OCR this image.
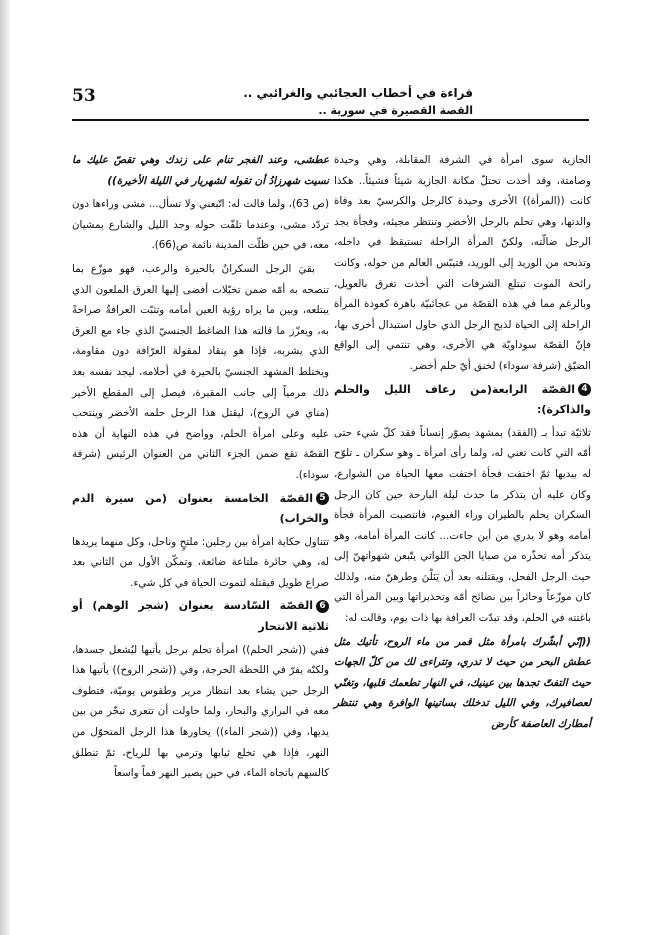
قراءة في أخطاب العجائبي والغرائبي ..
القصة القصيرة في سورية ..
53

الجازية سوى امرأة في الشرفة المقابلة، وهي وحيدة وصامتة، وقد أخذت تحتلّ مكانة الجازية شيئاً فشيئاً.. هكذا كانت ((المرأة)) الأخرى وحيدة كالرجل والكرسيّ بعد وفاة والدتها، وهي تحلم بالرجل الأخضر وتنتظر مجيئه، وفجأة يجد الرجل ضالّته، ولكنّ المرأة الراحلة تستيقظ في داخله، وتذبحه من الوريد إلى الوريد، فتيبّس العالم من حوله، وكانت رائحة الموت تبتلع الشرفات التي أخذت تغرق بالعويل، وبالرغم مما في هذه القصّة من عجائبيّة باهرة كعودة المرأة الراحلة إلى الحياة لذبح الرجل الذي حاول استبدال أخرى بها، فإنّ القصّة سوداويّة هي الأخرى، وهي تنتمي إلى الواقع الضيّق (شرفة سوداء) لخنق أيّ حلم أخضر.

4القصّة الرابعة(من رعاف الليل والحلم والذاكرة):

ثلاثيّة تبدأ بـ (الفقد) بمشهد يصوّر إنساناً فقد كلّ شيء حتى أمّه التي كانت تغني له، ولما رأى امرأة ـ وهو سكران ـ تلوّح له بيديها ثمّ اختفت فجأة اختفت معها الحياة من الشوارع، وكان عليه أن يتذكر ما حدث ليلة البارحة حين كان الرجل السكران يحلم بالطيران وراء الغيوم، فانتصبت المرأة فجأة أمامه وهو لا يدري من أين جاءت... كانت المرأة أمامه، وهو يتذكر أمه تحذّره من صبايا الجن اللواتي يتّبعن شهواتهنّ إلى حيث الرجل الفحل، ويقتلنه بعد أن يَنَلْنَ وطرهنّ منه، ولذلك كان موزّعاً وحائراً بين نصائح أمّه وتحذيراتها وبين المرأة التي باغتته في الحلم، وقد تبدّت العرافة بها ذات يوم، وقالت له:

((إنّي أبشّرك بامرأة مثل قمر من ماء الروح، تأتيك مثل عطش البحر من حيث لا تدري، وتتراءى لك من كلّ الجهات حيث التفتّ تجدها بين عينيك، في النهار تطعمك قلبها، وتغنّي لعصافيرك، وفي الليل تدخلك بساتينها الوافرة وهي تنتظر أمطارك العاصفة كأرض

عطشى، وعند الفجر تنام على زندك وهي تقصّ عليك ما نسيت شهرزادُ أن تقوله لشهريار في الليلة الأخيرة))

(ص 63)، ولما قالت له: اتّبعني ولا تسأل... مشى وراءها دون تردّد مشى، وعندما تلفّت حوله وجد الليل والشارع يمشيان معه، في حين ظلّت المدينة نائمة ص(66).

بقيَ الرجل السكرانُ بالحيرة والرعب، فهو موزّع بما تنصحه به أمّه ضمن تخيّلات أفضى إليها العرق الملعون الذي يبتلعه، وبين ما يراه رؤية العين أمامه وتثبّت العرافةُ صراحةً به، ويعزّز ما قالته هذا الضاغط الجنسيّ الذي جاء مع العرق الذي يشربه، فإذا هو ينقاد لمقولة العرّافة دون مقاومة، ويختلط المشهد الجنسيّ بالحيرة في أحلامه، ليجد نفسه بعد ذلك مرمياً إلى جانب المقبرة، فيصل إلى المقطع الأخير (مناي في الروح)، ليقتل هذا الرجل حلمه الأخضر وينتحب عليه وعلى امرأة الحلم، وواضح في هذه النهاية أن هذه القصّة تقع ضمن الجزء الثاني من العنوان الرئيس (شرفة سوداء).

5القصّة الخامسة بعنوان (من سيرة الدم والخراب)

تتناول حكاية امرأة بين رجلين: ملتحٍ وناحل، وكل منهما يريدها له، وهي حائرة ملتاعة ضائعة، وتمكّن الأول من الثاني بعد صراع طويل فيقتله لتموت الحياة في كل شيء.

6القصّة السّادسة بعنوان (شجر الوهم) أو ثلاثية الانتحار

ففي ((شجر الحلم)) امرأة تحلم برجل يأتيها ليُشعل جسدها، ولكنّه يفرّ في اللحظة الحرجة، وفي ((شجر الروح)) يأتيها هذا الرجل حين يشاء بعد انتظار مرير وطقوس يوميّة، فتطوف معه في البراري والبحار، ولما حاولت أن تتعرى تبخّر من بين يديها، وفي ((شجر الماء)) يحاورها هذا الرجل المتحوّل من النهر، فإذا هي تخلع ثيابها وترمي بها للرياح، ثمّ تنطلق كالسهم باتجاه الماء، في حين يصير النهر فماً واسعاً
